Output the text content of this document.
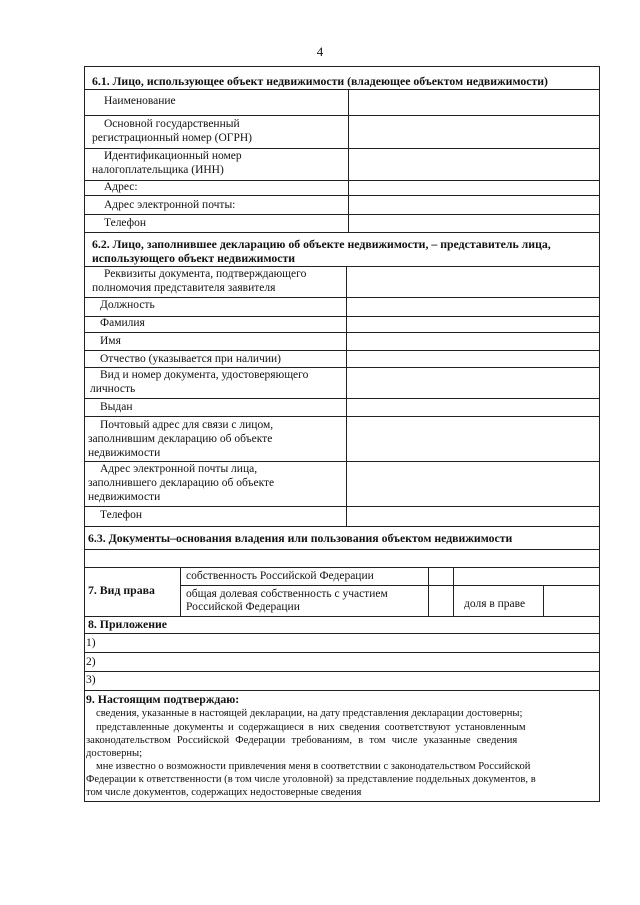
4
6.1. Лицо, использующее объект недвижимости (владеющее объектом недвижимости)
Наименование
Основной государственный
регистрационный номер (ОГРН)
Идентификационный номер
налогоплательщика (ИНН)
Адрес:
Адрес электронной почты:
Телефон
6.2. Лицо, заполнившее декларацию об объекте недвижимости, – представитель лица,
использующего объект недвижимости
Реквизиты документа, подтверждающего
полномочия представителя заявителя
Должность
Фамилия
Имя
Отчество (указывается при наличии)
Вид и номер документа, удостоверяющего
личность
Выдан
Почтовый адрес для связи с лицом,
заполнившим декларацию об объекте
недвижимости
Адрес электронной почты лица,
заполнившего декларацию об объекте
недвижимости
Телефон
6.3. Документы–основания владения или пользования объектом недвижимости
7. Вид права
собственность Российской Федерации
общая долевая собственность с участием
Российской Федерации	доля в праве
8. Приложение
1)
2)
3)
9. Настоящим подтверждаю:
сведения, указанные в настоящей декларации, на дату представления декларации достоверны;
представленные документы и содержащиеся в них сведения соответствуют установленным
законодательством Российской Федерации требованиям, в том числе указанные сведения
достоверны;
мне известно о возможности привлечения меня в соответствии с законодательством Российской
Федерации к ответственности (в том числе уголовной) за представление поддельных документов, в
том числе документов, содержащих недостоверные сведения
